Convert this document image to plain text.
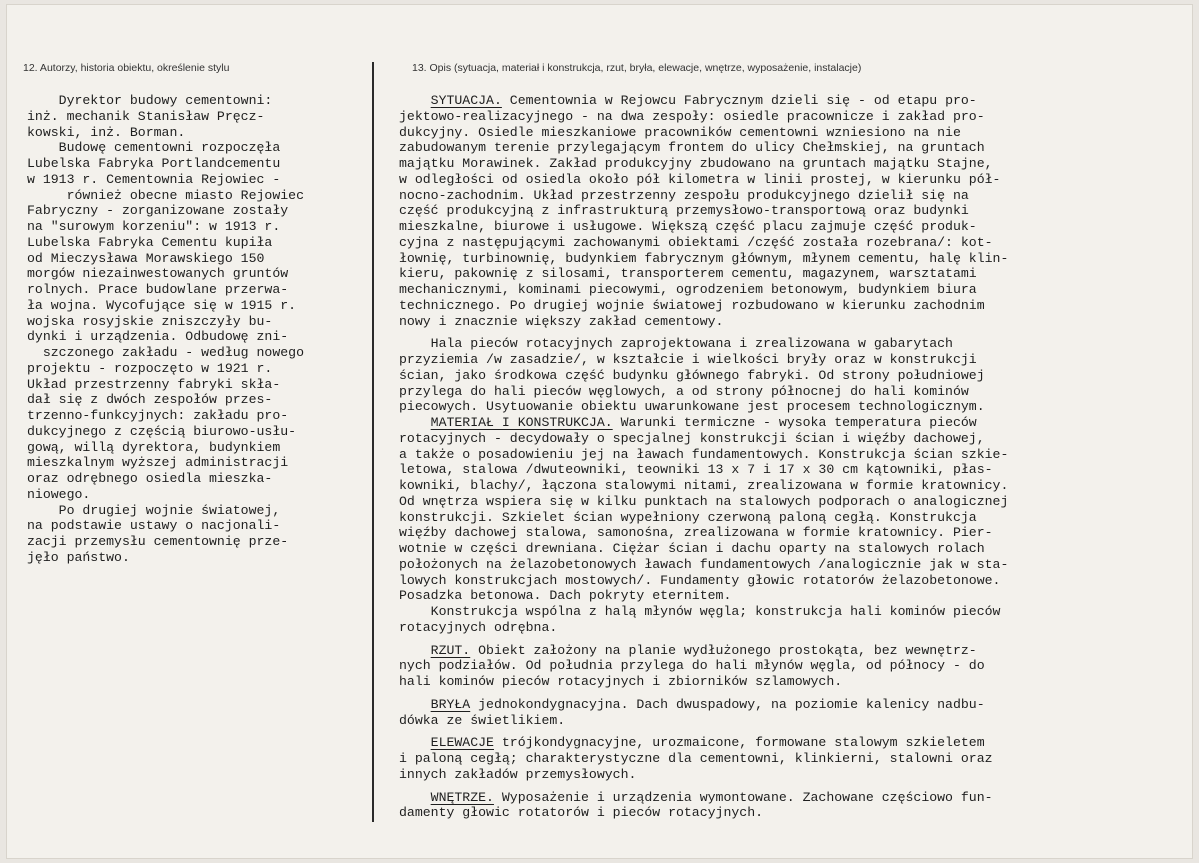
12. Autorzy, historia obiektu, określenie stylu	13. Opis (sytuacja, materiał i konstrukcja, rzut, bryła, elewacje, wnętrze, wyposażenie, instalacje)
Dyrektor budowy cementowni:
inż. mechanik Stanisław Pręcz-
kowski, inż. Borman.
Budowę cementowni rozpoczęła
Lubelska Fabryka Portlandcementu
w 1913 r. Cementownia Rejowiec -
również obecne miasto Rejowiec
Fabryczny - zorganizowane zostały
na "surowym korzeniu": w 1913 r.
Lubelska Fabryka Cementu kupiła
od Mieczysława Morawskiego 150
morgów niezainwestowanych gruntów
rolnych. Prace budowlane przerwa-
ła wojna. Wycofujące się w 1915 r.
wojska rosyjskie zniszczyły bu-
dynki i urządzenia. Odbudowę zni-
szczonego zakładu - według nowego
projektu - rozpoczęto w 1921 r.
Układ przestrzenny fabryki skła-
dał się z dwóch zespołów przes-
trzenno-funkcyjnych: zakładu pro-
dukcyjnego z częścią biurowo-usłu-
gową, willą dyrektora, budynkiem
mieszkalnym wyższej administracji
oraz odrębnego osiedla mieszka-
niowego.
Po drugiej wojnie światowej,
na podstawie ustawy o nacjonali-
zacji przemysłu cementownię prze-
jęło państwo.
SYTUACJA. Cementownia w Rejowcu Fabrycznym dzieli się - od etapu pro-
jektowo-realizacyjnego - na dwa zespoły: osiedle pracownicze i zakład pro-
dukcyjny. Osiedle mieszkaniowe pracowników cementowni wzniesiono na nie
zabudowanym terenie przylegającym frontem do ulicy Chełmskiej, na gruntach
majątku Morawinek. Zakład produkcyjny zbudowano na gruntach majątku Stajne,
w odległości od osiedla około pół kilometra w linii prostej, w kierunku pół-
nocno-zachodnim. Układ przestrzenny zespołu produkcyjnego dzielił się na
część produkcyjną z infrastrukturą przemysłowo-transportową oraz budynki
mieszkalne, biurowe i usługowe. Większą część placu zajmuje część produk-
cyjna z następującymi zachowanymi obiektami /część została rozebrana/: kot-
łownię, turbinownię, budynkiem fabrycznym głównym, młynem cementu, halę klin-
kieru, pakownię z silosami, transporterem cementu, magazynem, warsztatami
mechanicznymi, kominami piecowymi, ogrodzeniem betonowym, budynkiem biura
technicznego. Po drugiej wojnie światowej rozbudowano w kierunku zachodnim
nowy i znacznie większy zakład cementowy.
Hala pieców rotacyjnych zaprojektowana i zrealizowana w gabarytach
przyziemia /w zasadzie/, w kształcie i wielkości bryły oraz w konstrukcji
ścian, jako środkowa część budynku głównego fabryki. Od strony południowej
przylega do hali pieców węglowych, a od strony północnej do hali kominów
piecowych. Usytuowanie obiektu uwarunkowane jest procesem technologicznym.
MATERIAŁ I KONSTRUKCJA. Warunki termiczne - wysoka temperatura pieców
rotacyjnych - decydowały o specjalnej konstrukcji ścian i więźby dachowej,
a także o posadowieniu jej na ławach fundamentowych. Konstrukcja ścian szkie-
letowa, stalowa /dwuteowniki, teowniki 13 x 7 i 17 x 30 cm kątowniki, płas-
kowniki, blachy/, łączona stalowymi nitami, zrealizowana w formie kratownicy.
Od wnętrza wspiera się w kilku punktach na stalowych podporach o analogicznej
konstrukcji. Szkielet ścian wypełniony czerwoną paloną cegłą. Konstrukcja
więźby dachowej stalowa, samonośna, zrealizowana w formie kratownicy. Pier-
wotnie w części drewniana. Ciężar ścian i dachu oparty na stalowych rolach
położonych na żelazobetonowych ławach fundamentowych /analogicznie jak w sta-
lowych konstrukcjach mostowych/. Fundamenty głowic rotatorów żelazobetonowe.
Posadzka betonowa. Dach pokryty eternitem.
Konstrukcja wspólna z halą młynów węgla; konstrukcja hali kominów pieców
rotacyjnych odrębna.
RZUT. Obiekt założony na planie wydłużonego prostokąta, bez wewnętrz-
nych podziałów. Od południa przylega do hali młynów węgla, od północy - do
hali kominów pieców rotacyjnych i zbiorników szlamowych.
BRYŁA jednokondygnacyjna. Dach dwuspadowy, na poziomie kalenicy nadbu-
dówka ze świetlikiem.
ELEWACJE trójkondygnacyjne, urozmaicone, formowane stalowym szkieletem
i paloną cegłą; charakterystyczne dla cementowni, klinkierni, stalowni oraz
innych zakładów przemysłowych.
WNĘTRZE. Wyposażenie i urządzenia wymontowane. Zachowane częściowo fun-
damenty głowic rotatorów i pieców rotacyjnych.
